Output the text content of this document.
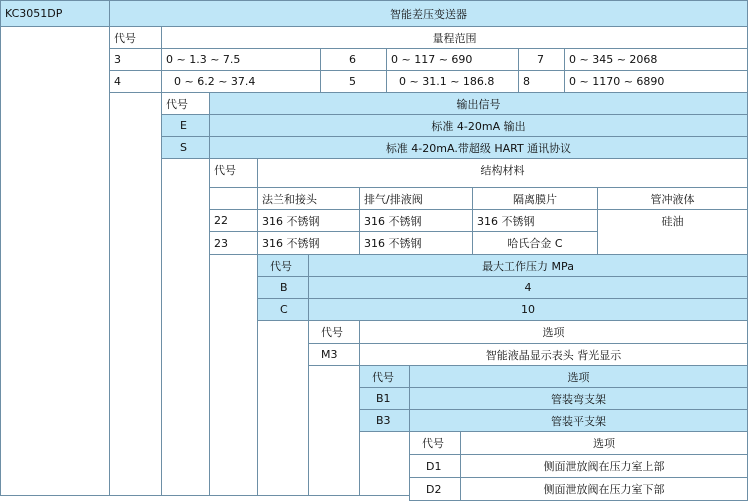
KC3051DP	智能差压变送器
代号	量程范围
3	0 ~ 1.3 ~ 7.5	6	0 ~ 117 ~ 690	7 0 ~ 345 ~ 2068
4	0 ~ 6.2 ~ 37.4	5	0 ~ 31.1 ~ 186.8	8	0 ~ 1170 ~ 6890
代号	输出信号
E	标准 4-20mA 输出
S	标准 4-20mA.带超级 HART 通讯协议
代号	结构材料
法兰和接头	排气/排液阀	隔离膜片	管冲液体
22	316 不锈钢	316 不锈钢	316 不锈钢	硅油
23	316 不锈钢	316 不锈钢	哈氏合金 C
代号	最大工作压力 MPa
B	4
C	10
代号	选项
M3	智能液晶显示表头 背光显示
代号	选项
B1	管装弯支架
B3	管装平支架
代号	选项
D1	侧面泄放阀在压力室上部
D2	侧面泄放阀在压力室下部
